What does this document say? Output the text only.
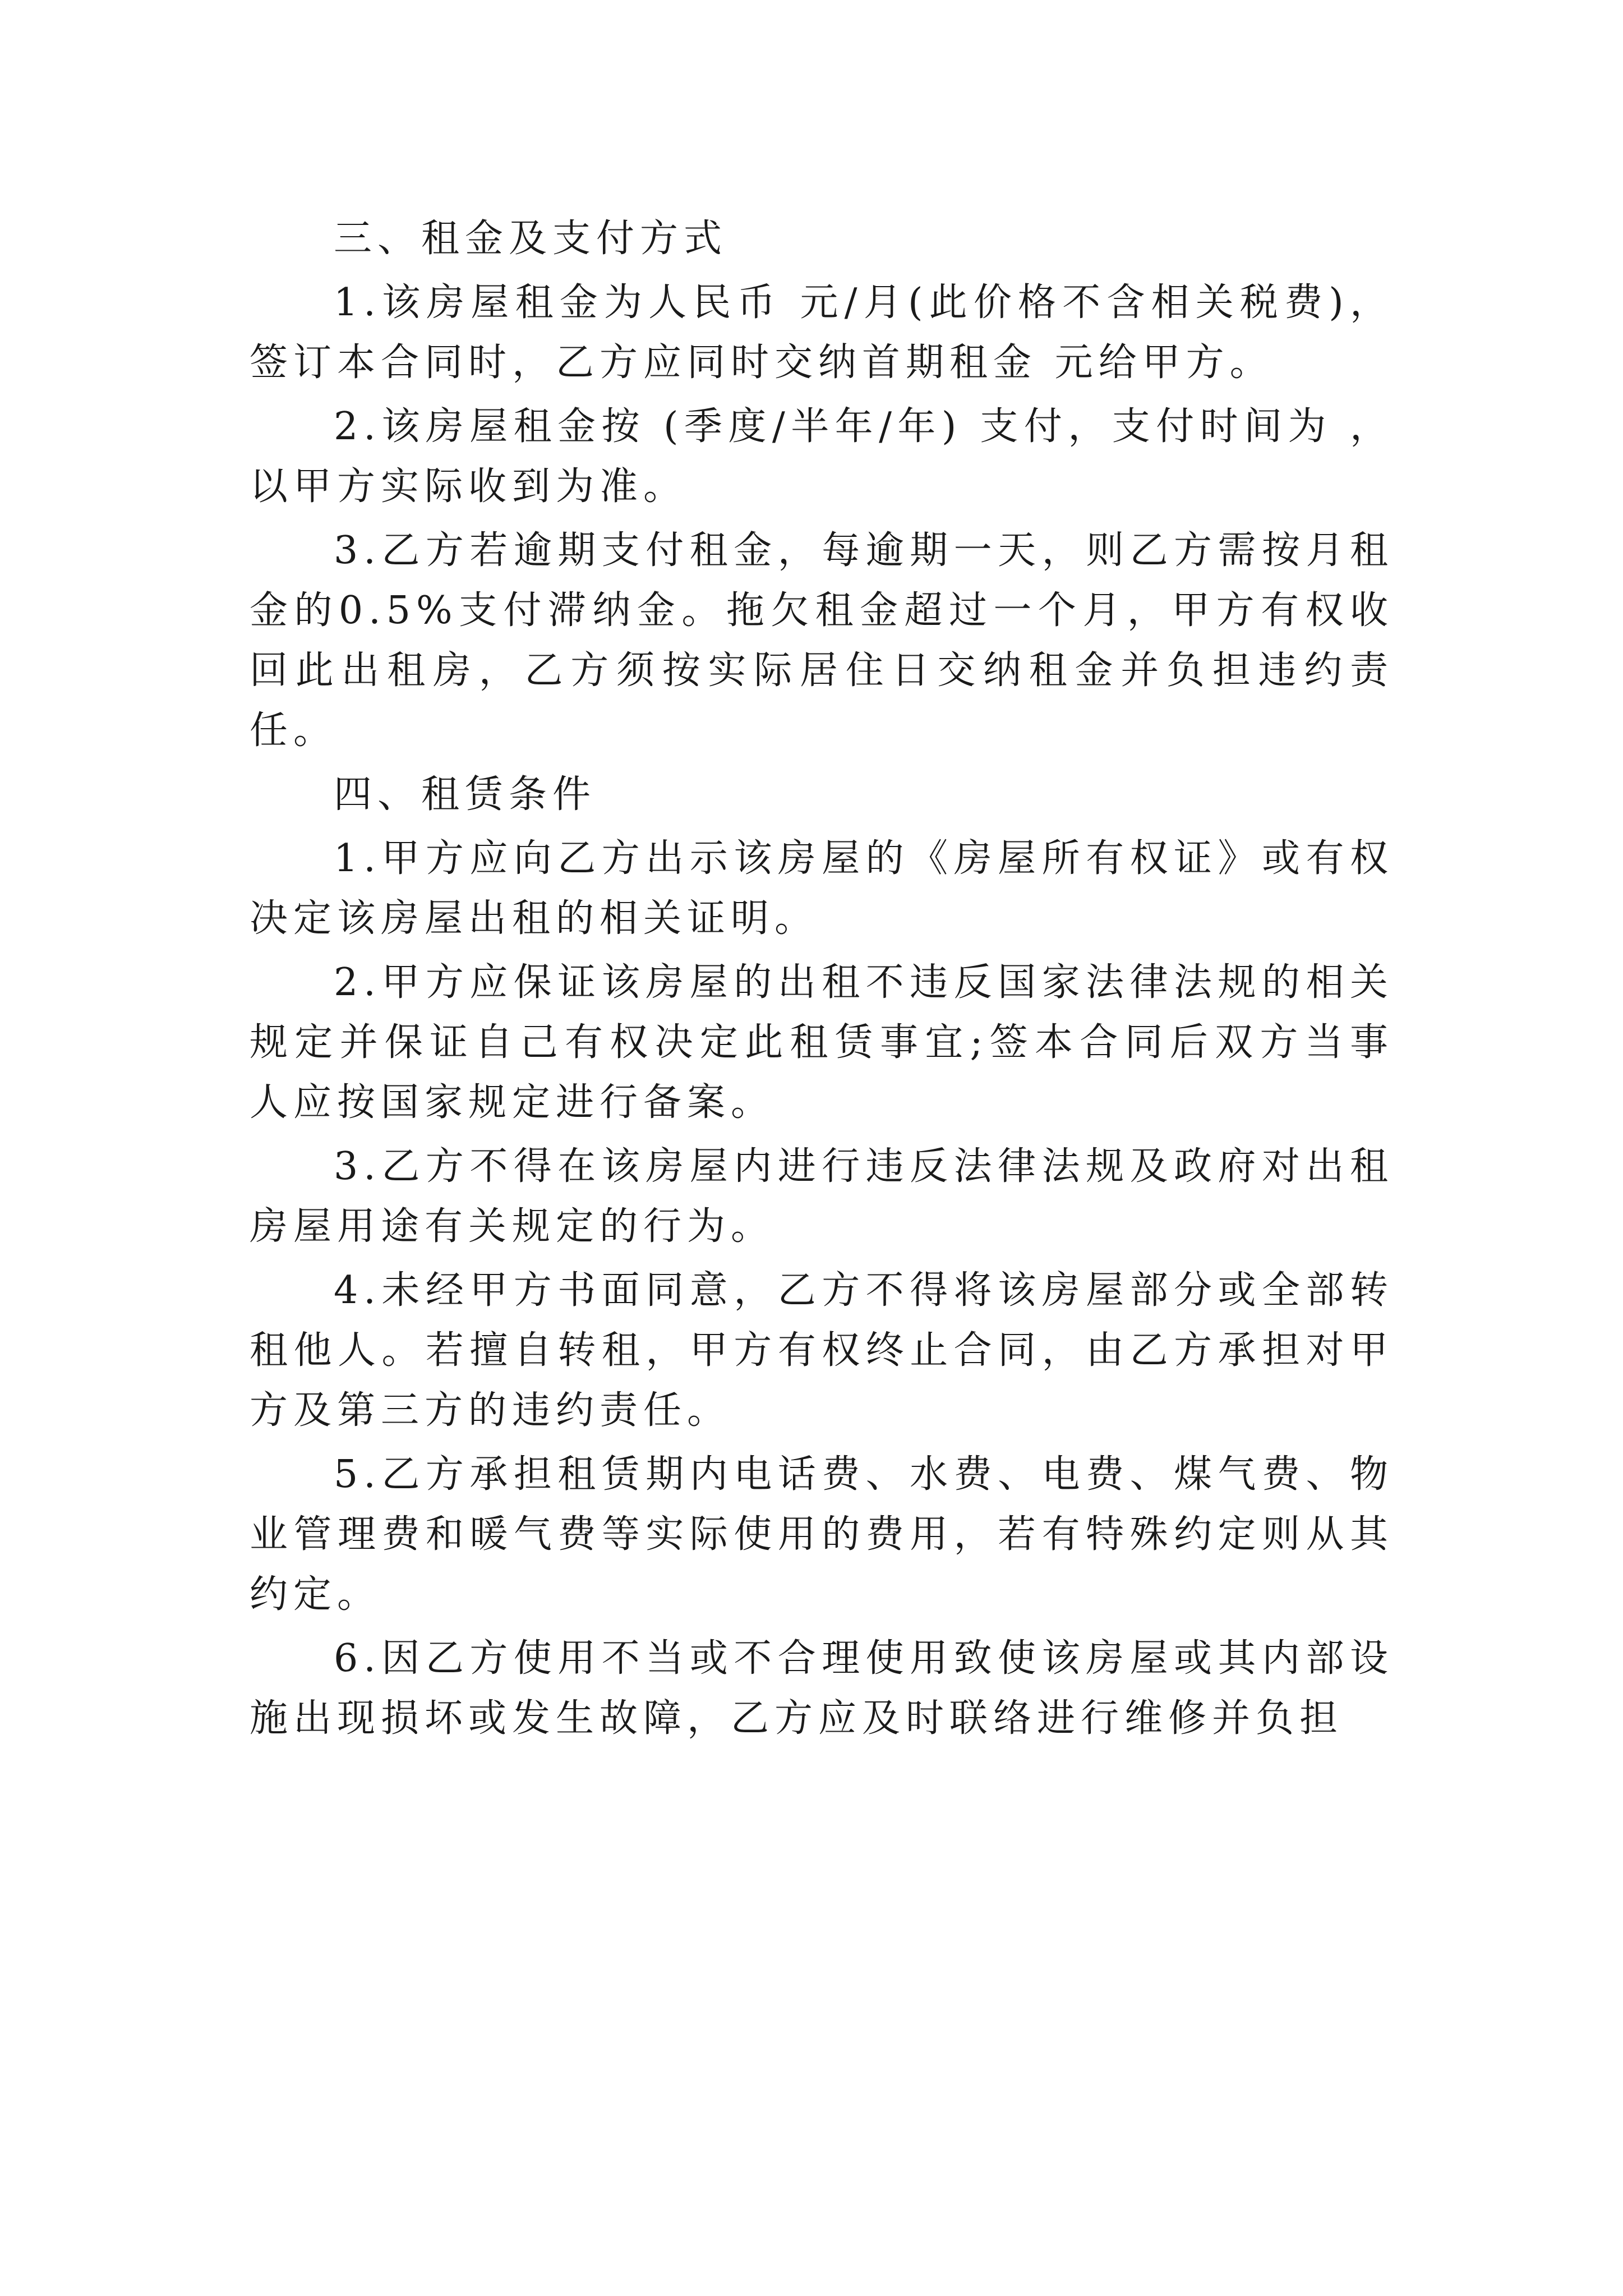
三、租金及支付方式

1.该房屋租金为人民币 元/月(此价格不含相关税费)，签订本合同时，乙方应同时交纳首期租金 元给甲方。

2.该房屋租金按 (季度/半年/年) 支付，支付时间为 ，以甲方实际收到为准。

3.乙方若逾期支付租金，每逾期一天，则乙方需按月租金的0.5%支付滞纳金。拖欠租金超过一个月，甲方有权收回此出租房，乙方须按实际居住日交纳租金并负担违约责任。

四、租赁条件

1.甲方应向乙方出示该房屋的《房屋所有权证》或有权决定该房屋出租的相关证明。

2.甲方应保证该房屋的出租不违反国家法律法规的相关规定并保证自己有权决定此租赁事宜;签本合同后双方当事人应按国家规定进行备案。

3.乙方不得在该房屋内进行违反法律法规及政府对出租房屋用途有关规定的行为。

4.未经甲方书面同意，乙方不得将该房屋部分或全部转租他人。若擅自转租，甲方有权终止合同，由乙方承担对甲方及第三方的违约责任。

5.乙方承担租赁期内电话费、水费、电费、煤气费、物业管理费和暖气费等实际使用的费用，若有特殊约定则从其约定。

6.因乙方使用不当或不合理使用致使该房屋或其内部设施出现损坏或发生故障，乙方应及时联络进行维修并负担
